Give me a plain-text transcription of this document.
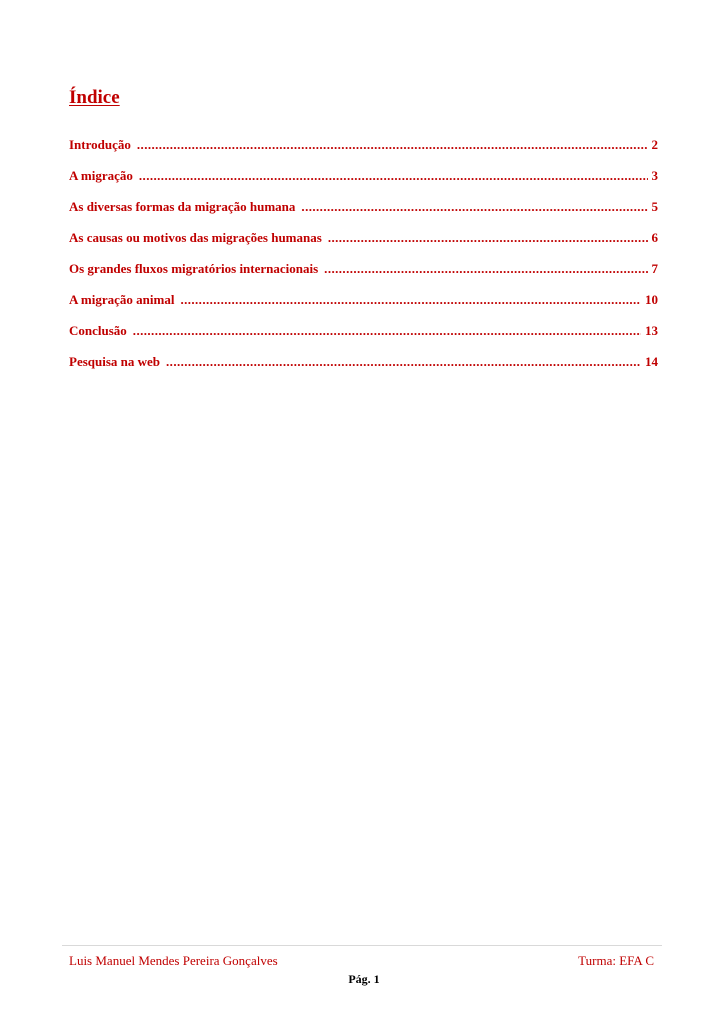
Índice
Introdução .....	2
A migração .....	3
As diversas formas da migração humana .....	5
As causas ou motivos das migrações humanas .....	6
Os grandes fluxos migratórios internacionais .....	7
A migração animal .....	10
Conclusão .....	13
Pesquisa na web .....	14
Luis Manuel Mendes Pereira Gonçalves	Turma: EFA C
Pág. 1
